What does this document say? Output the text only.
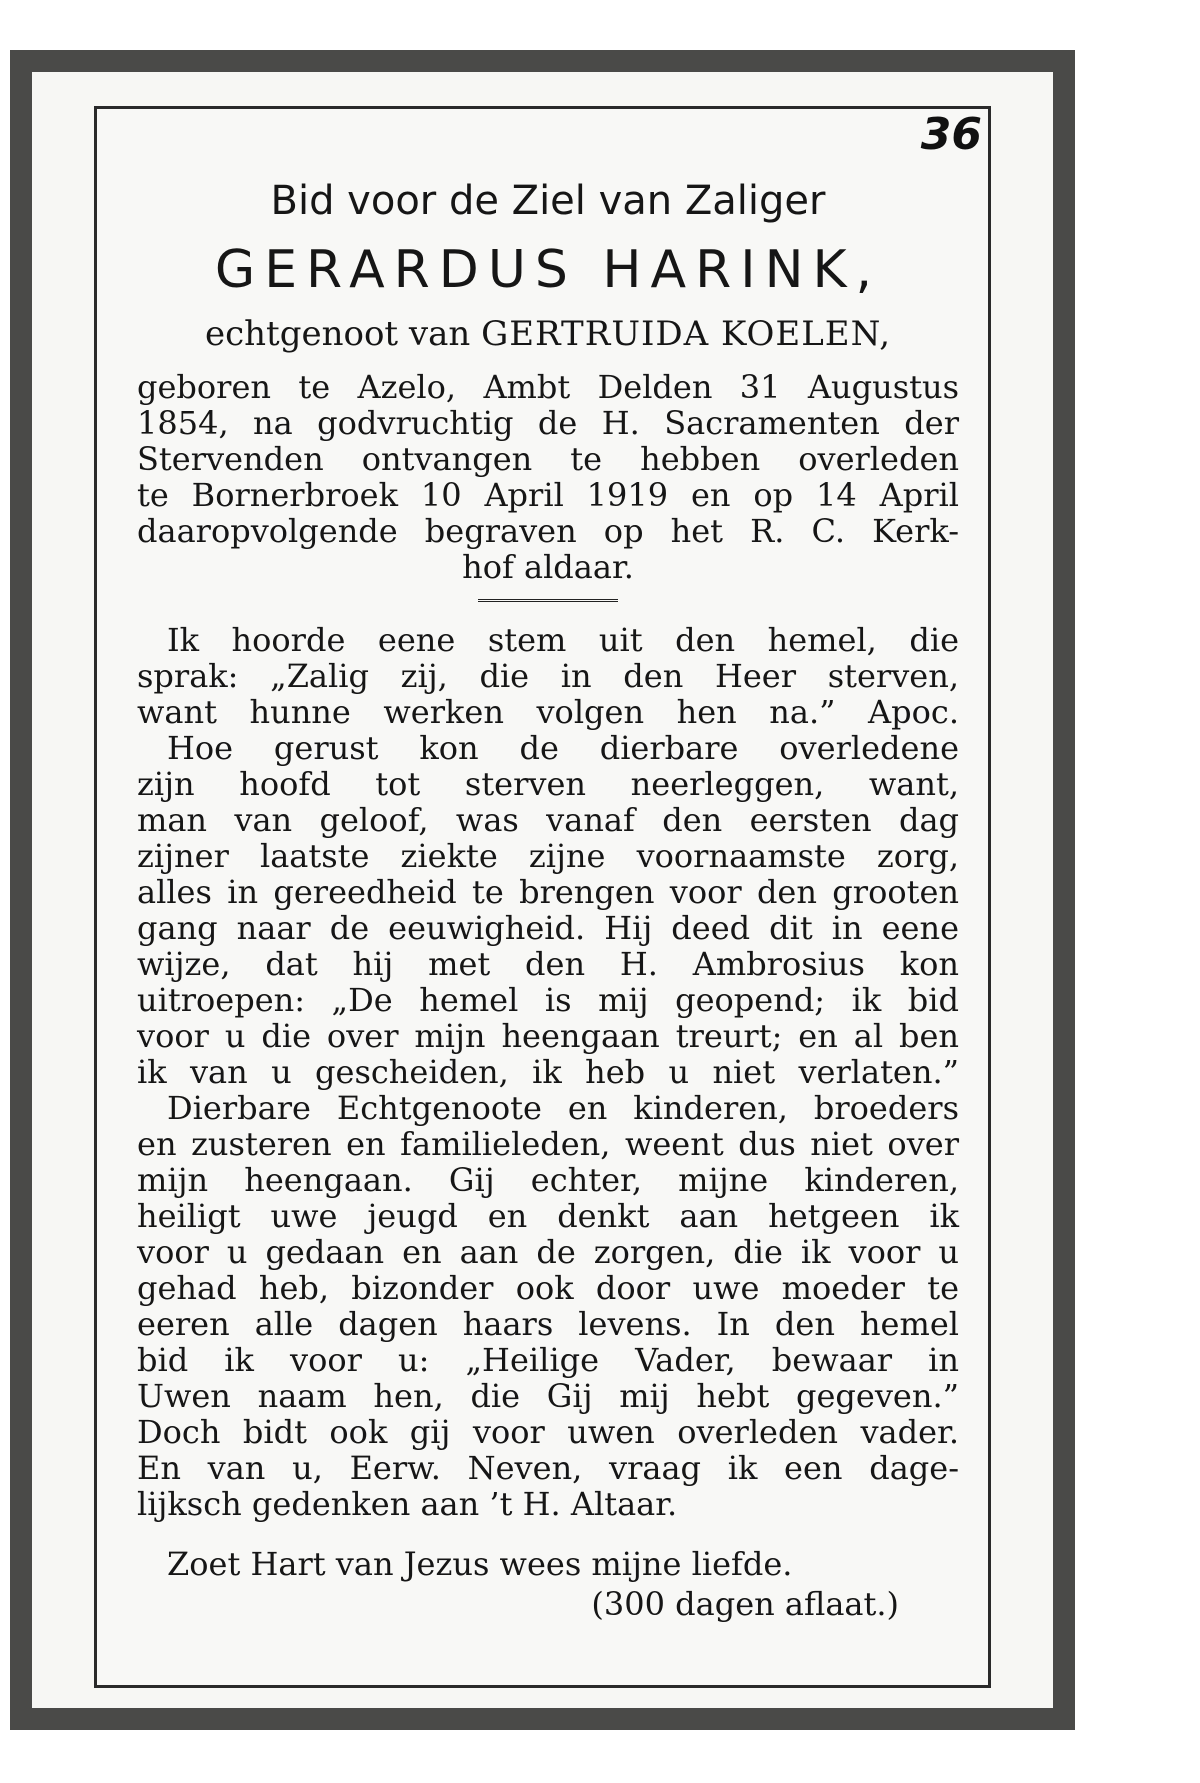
36
Bid voor de Ziel van Zaliger
GERARDUS HARINK,
echtgenoot van GERTRUIDA KOELEN,
geboren te Azelo, Ambt Delden 31 Augustus
1854, na godvruchtig de H. Sacramenten der
Stervenden ontvangen te hebben overleden
te Bornerbroek 10 April 1919 en op 14 April
daaropvolgende begraven op het R. C. Kerk-
hof aldaar.
Ik hoorde eene stem uit den hemel, die
sprak: „Zalig zij, die in den Heer sterven,
want hunne werken volgen hen na.” Apoc.
Hoe gerust kon de dierbare overledene
zijn hoofd tot sterven neerleggen, want,
man van geloof, was vanaf den eersten dag
zijner laatste ziekte zijne voornaamste zorg,
alles in gereedheid te brengen voor den grooten
gang naar de eeuwigheid. Hij deed dit in eene
wijze, dat hij met den H. Ambrosius kon
uitroepen: „De hemel is mij geopend; ik bid
voor u die over mijn heengaan treurt; en al ben
ik van u gescheiden, ik heb u niet verlaten.”
Dierbare Echtgenoote en kinderen, broeders
en zusteren en familieleden, weent dus niet over
mijn heengaan. Gij echter, mijne kinderen,
heiligt uwe jeugd en denkt aan hetgeen ik
voor u gedaan en aan de zorgen, die ik voor u
gehad heb, bizonder ook door uwe moeder te
eeren alle dagen haars levens. In den hemel
bid ik voor u: „Heilige Vader, bewaar in
Uwen naam hen, die Gij mij hebt gegeven.”
Doch bidt ook gij voor uwen overleden vader.
En van u, Eerw. Neven, vraag ik een dage-
lijksch gedenken aan ’t H. Altaar.
Zoet Hart van Jezus wees mijne liefde.
(300 dagen aflaat.)
